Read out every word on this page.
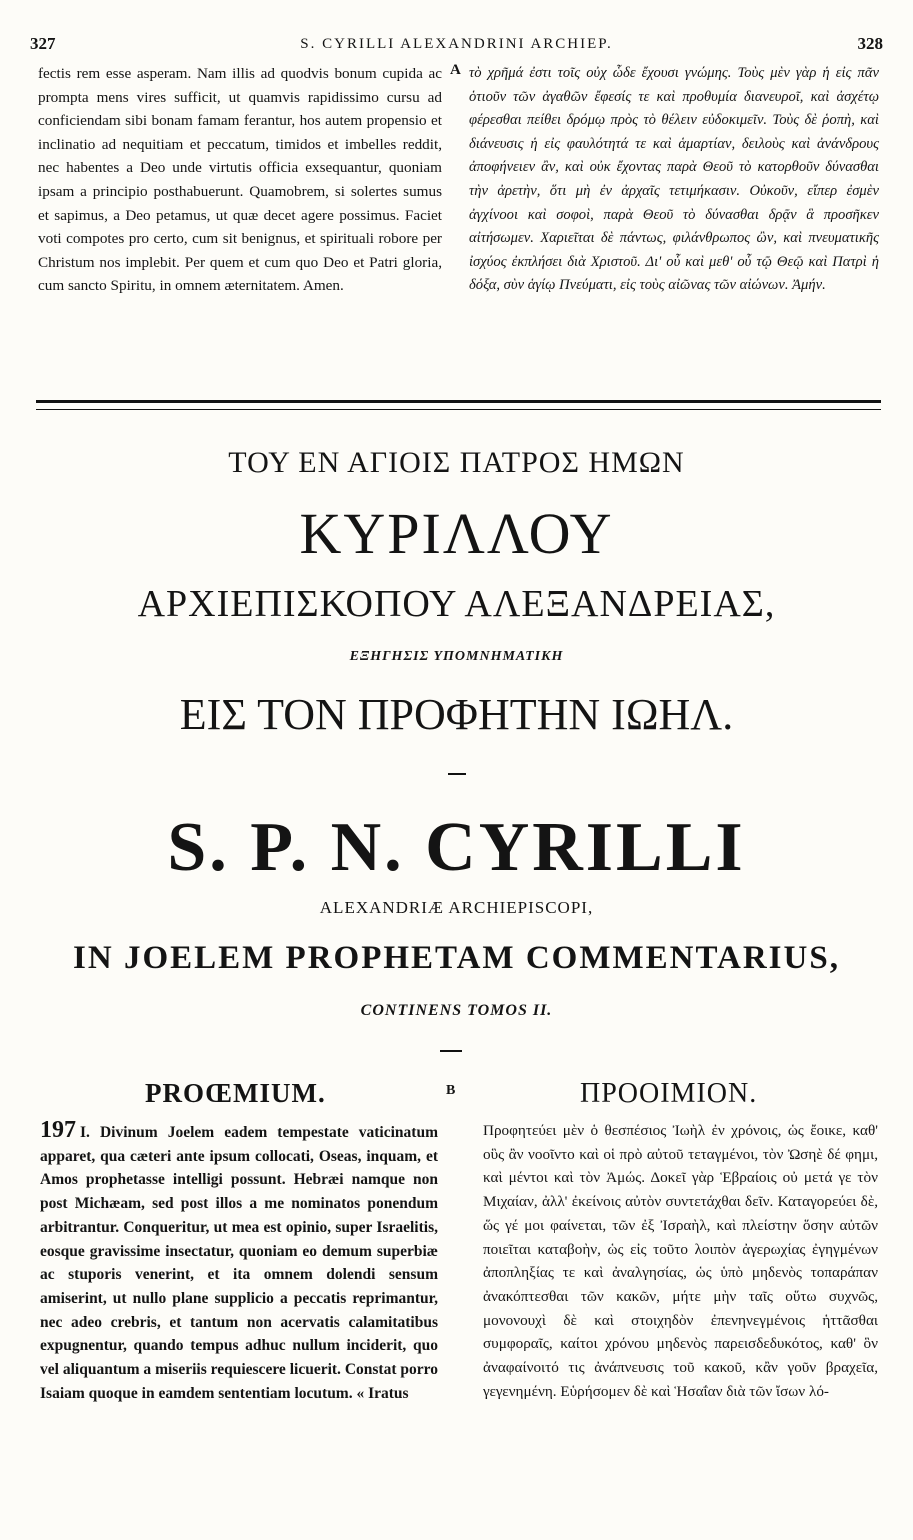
327	S. CYRILLI ALEXANDRINI ARCHIEP.	328

fectis rem esse asperam. Nam illis ad quodvis bonum cupida ac prompta mens vires sufficit, ut quamvis rapidissimo cursu ad conficiendam sibi bonam famam ferantur, hos autem propensio et inclinatio ad nequitiam et peccatum, timidos et imbelles reddit, nec habentes a Deo unde virtutis officia exsequantur, quoniam ipsam a principio posthabuerunt. Quamobrem, si solertes sumus et sapimus, a Deo petamus, ut quæ decet agere possimus. Faciet voti compotes pro certo, cum sit benignus, et spirituali robore per Christum nos implebit. Per quem et cum quo Deo et Patri gloria, cum sancto Spiritu, in omnem æternitatem. Amen.

A τὸ χρῆμά ἐστι τοῖς οὐχ ὧδε ἔχουσι γνώμης. Τοὺς μὲν γὰρ ἡ εἰς πᾶν ὁτιοῦν τῶν ἀγαθῶν ἔφεσίς τε καὶ προθυμία διανευροῖ, καὶ ἀσχέτῳ φέρεσθαι πείθει δρόμῳ πρὸς τὸ θέλειν εὐδοκιμεῖν. Τοὺς δὲ ῥοπὴ, καὶ διάνευσις ἡ εἰς φαυλότητά τε καὶ ἁμαρτίαν, δειλοὺς καὶ ἀνάνδρους ἀποφήνειεν ἂν, καὶ οὐκ ἔχοντας παρὰ Θεοῦ τὸ κατορθοῦν δύνασθαι τὴν ἀρετὴν, ὅτι μὴ ἐν ἀρχαῖς τετιμήκασιν. Οὐκοῦν, εἴπερ ἐσμὲν ἀγχίνοοι καὶ σοφοὶ, παρὰ Θεοῦ τὸ δύνασθαι δρᾷν ἃ προσῆκεν αἰτήσωμεν. Χαριεῖται δὲ πάντως, φιλάνθρωπος ὢν, καὶ πνευματικῆς ἰσχύος ἐκπλήσει διὰ Χριστοῦ. Δι' οὗ καὶ μεθ' οὗ τῷ Θεῷ καὶ Πατρὶ ἡ δόξα, σὺν ἁγίῳ Πνεύματι, εἰς τοὺς αἰῶνας τῶν αἰώνων. Ἀμήν.

ΤΟΥ ΕΝ ΑΓΙΟΙΣ ΠΑΤΡΟΣ ΗΜΩΝ
ΚΥΡΙΛΛΟΥ
ΑΡΧΙΕΠΙΣΚΟΠΟΥ ΑΛΕΞΑΝΔΡΕΙΑΣ,
ΕΞΗΓΗΣΙΣ ΥΠΟΜΝΗΜΑΤΙΚΗ
ΕΙΣ ΤΟΝ ΠΡΟΦΗΤΗΝ ΙΩΗΛ.
S. P. N. CYRILLI
ALEXANDRIÆ ARCHIEPISCOPI,
IN JOELEM PROPHETAM COMMENTARIUS,
CONTINENS TOMOS II.
PROŒMIUM.	B	ΠΡΟΟΙΜΙΟΝ.

197 I. Divinum Joelem eadem tempestate vaticinatum apparet, qua cæteri ante ipsum collocati, Oseas, inquam, et Amos prophetasse intelligi possunt. Hebræi namque non post Michæam, sed post illos a me nominatos ponendum arbitrantur. Conqueritur, ut mea est opinio, super Israelitis, eosque gravissime insectatur, quoniam eo demum superbiæ ac stuporis venerint, et ita omnem dolendi sensum amiserint, ut nullo plane supplicio a peccatis reprimantur, nec adeo crebris, et tantum non acervatis calamitatibus expugnentur, quando tempus adhuc nullum inciderit, quo vel aliquantum a miseriis requiescere licuerit. Constat porro Isaiam quoque in eamdem sententiam locutum. « Iratus

Προφητεύει μὲν ὁ θεσπέσιος Ἰωὴλ ἐν χρόνοις, ὡς ἔοικε, καθ' οὓς ἂν νοοῖντο καὶ οἱ πρὸ αὐτοῦ τεταγμένοι, τὸν Ὠσηὲ δέ φημι, καὶ μέντοι καὶ τὸν Ἀμώς. Δοκεῖ γὰρ Ἑβραίοις οὐ μετά γε τὸν Μιχαίαν, ἀλλ' ἐκείνοις αὐτὸν συντετάχθαι δεῖν. Καταγορεύει δὲ, ὥς γέ μοι φαίνεται, τῶν ἐξ Ἰσραὴλ, καὶ πλείστην ὅσην αὐτῶν ποιεῖται καταβοὴν, ὡς εἰς τοῦτο λοιπὸν ἀγερωχίας ἐγηγμένων ἀποπληξίας τε καὶ ἀναλγησίας, ὡς ὑπὸ μηδενὸς τοπαράπαν ἀνακόπτεσθαι τῶν κακῶν, μήτε μὴν ταῖς οὕτω συχνῶς, μονονουχὶ δὲ καὶ στοιχηδὸν ἐπενηνεγμένοις ἡττᾶσθαι συμφοραῖς, καίτοι χρόνου μηδενὸς παρεισδεδυκότος, καθ' ὃν ἀναφαίνοιτό τις ἀνάπνευσις τοῦ κακοῦ, κἂν γοῦν βραχεῖα, γεγενημένη. Εὑρήσομεν δὲ καὶ Ἡσαΐαν διὰ τῶν ἴσων λό-
